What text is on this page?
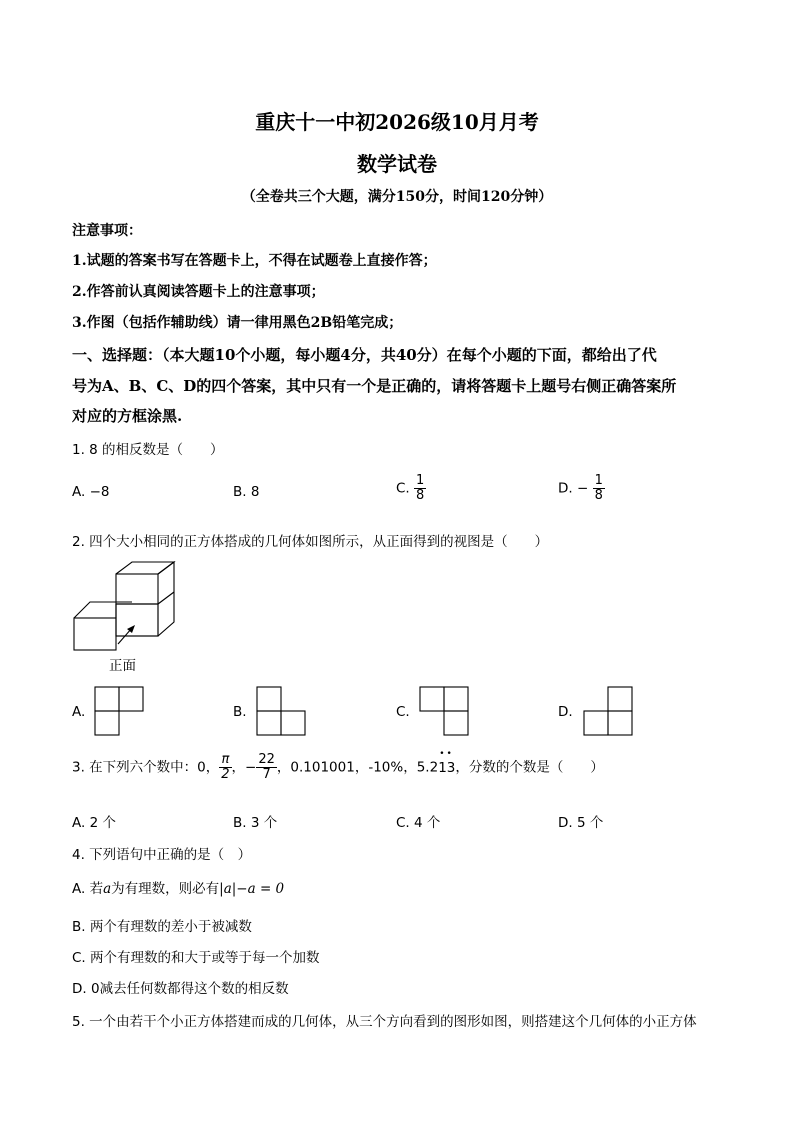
重庆十一中初2026级10月月考
数学试卷
（全卷共三个大题，满分150分，时间120分钟）
注意事项：
1.试题的答案书写在答题卡上，不得在试题卷上直接作答；
2.作答前认真阅读答题卡上的注意事项；
3.作图（包括作辅助线）请一律用黑色2B铅笔完成；
一、选择题：（本大题10个小题，每小题4分，共40分）在每个小题的下面，都给出了代
号为A、B、C、D的四个答案，其中只有一个是正确的，请将答题卡上题号右侧正确答案所
对应的方框涂黑.
1. 8 的相反数是（　　）
A. −8	B. 8	C. $\frac{1}{8}$	D. − $\frac{1}{8}$
2. 四个大小相同的正方体搭成的几何体如图所示，从正面得到的视图是（　　）
正面
A.	B.	C.	D.
3. 在下列六个数中：0， $\frac{\pi}{2}$ ，− $\frac{22}{7}$ ，0.101001，-10%，5.2
••
13，分数的个数是（　　）
A. 2 个	B. 3 个	C. 4 个	D. 5 个
4. 下列语句中正确的是（　）
A. 若a为有理数，则必有|a|−a = 0
B. 两个有理数的差小于被减数
C. 两个有理数的和大于或等于每一个加数
D. 0减去任何数都得这个数的相反数
5. 一个由若干个小正方体搭建而成的几何体，从三个方向看到的图形如图，则搭建这个几何体的小正方体
